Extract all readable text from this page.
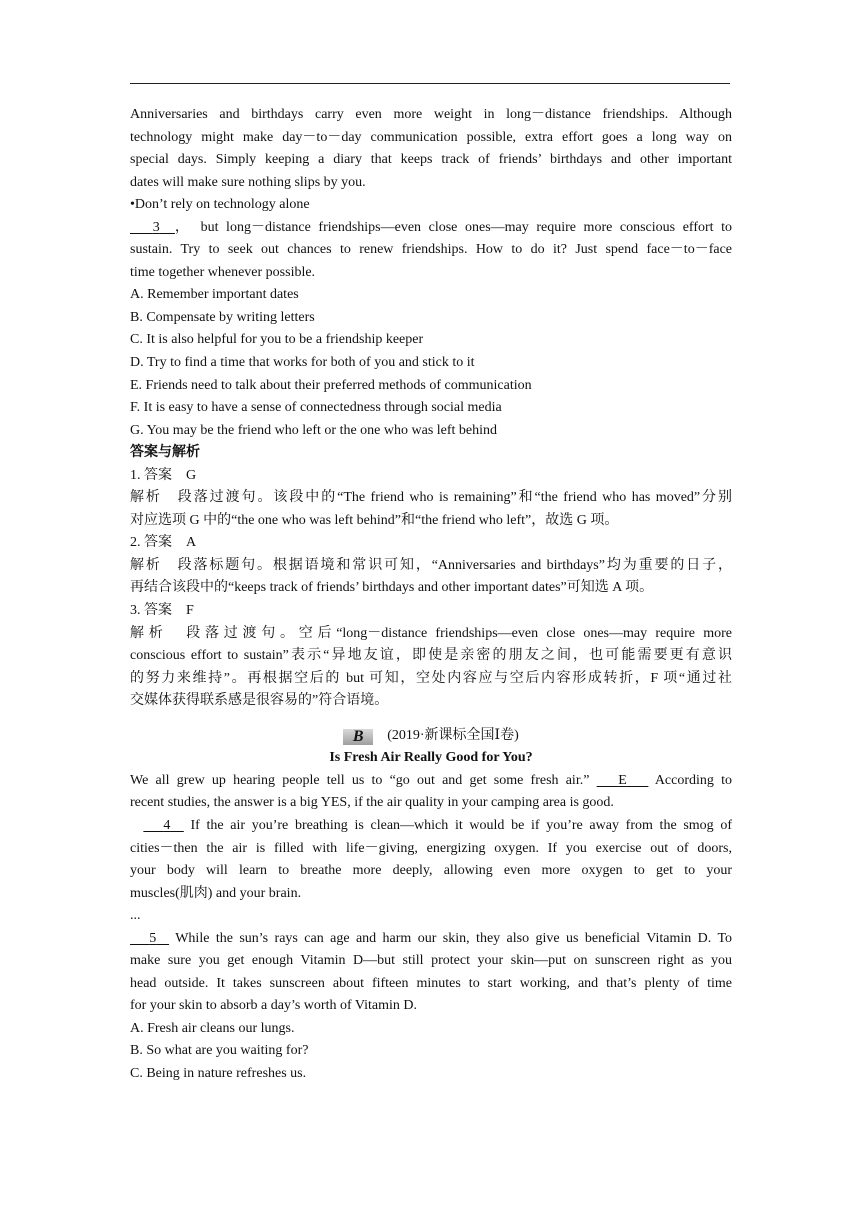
Anniversaries and birthdays carry even more weight in long－distance friendships. Although
technology might make day－to－day communication possible, extra effort goes a long way on
special days. Simply keeping a diary that keeps track of friends’ birthdays and other important
dates will make sure nothing slips by you.
•Don’t rely on technology alone
3 ， but long－distance friendships—even close ones—may require more conscious effort to
sustain. Try to seek out chances to renew friendships. How to do it? Just spend face－to－face
time together whenever possible.
A. Remember important dates
B. Compensate by writing letters
C. It is also helpful for you to be a friendship keeper
D. Try to find a time that works for both of you and stick to it
E. Friends need to talk about their preferred methods of communication
F. It is easy to have a sense of connectedness through social media
G. You may be the friend who left or the one who was left behind
答案与解析
1. 答案　G
解析　段落过渡句。该段中的“The friend who is remaining”和“the friend who has moved”分别
对应选项 G 中的“the one who was left behind”和“the friend who left”，故选 G 项。
2. 答案　A
解析　段落标题句。根据语境和常识可知，“Anniversaries and birthdays”均为重要的日子，
再结合该段中的“keeps track of friends’ birthdays and other important dates”可知选 A 项。
3. 答案　F
解析　段落过渡句。空后“long－distance friendships—even close ones—may require more
conscious effort to sustain”表示“异地友谊，即使是亲密的朋友之间，也可能需要更有意识
的努力来维持”。再根据空后的 but 可知，空处内容应与空后内容形成转折，F 项“通过社
交媒体获得联系感是很容易的”符合语境。
B (2019·新课标全国Ⅰ卷)
Is Fresh Air Really Good for You?
We all grew up hearing people tell us to “go out and get some fresh air.”    E    According to
recent studies, the answer is a big YES, if the air quality in your camping area is good.
4   If the air you’re breathing is clean—which it would be if you’re away from the smog of
cities－then the air is filled with life－giving, energizing oxygen. If you exercise out of doors,
your body will learn to breathe more deeply, allowing even more oxygen to get to your
muscles(肌肉) and your brain.
...
5   While the sun’s rays can age and harm our skin, they also give us beneficial Vitamin D. To
make sure you get enough Vitamin D—but still protect your skin—put on sunscreen right as you
head outside. It takes sunscreen about fifteen minutes to start working, and that’s plenty of time
for your skin to absorb a day’s worth of Vitamin D.
A. Fresh air cleans our lungs.
B. So what are you waiting for?
C. Being in nature refreshes us.
